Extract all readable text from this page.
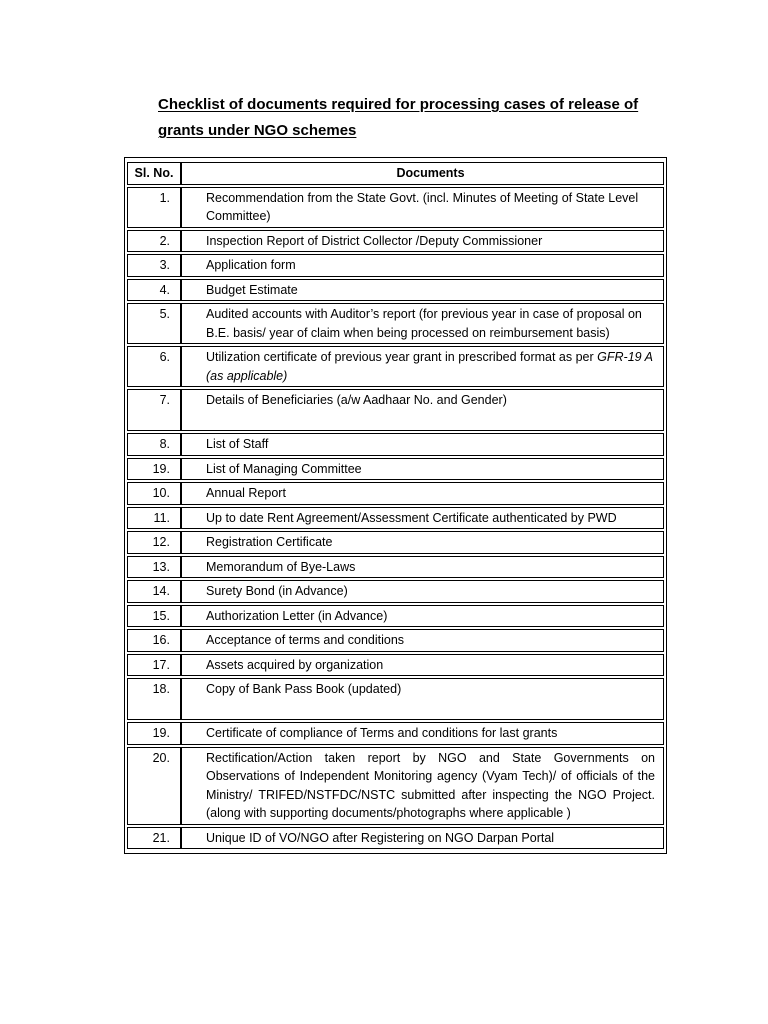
Checklist of documents required for processing cases of release of
grants under NGO schemes
Sl. No.	Documents
1.	Recommendation from the State Govt. (incl. Minutes of Meeting of State Level Committee)
2.	Inspection Report of District Collector /Deputy Commissioner
3.	Application form
4.	Budget Estimate
5.	Audited accounts with Auditor’s report (for previous year in case of proposal on B.E. basis/ year of claim when being processed on reimbursement basis)
6.	Utilization certificate of previous year grant in prescribed format as per GFR-19 A (as applicable)
7.	Details of Beneficiaries (a/w Aadhaar No. and Gender)
8.	List of Staff
19.	List of Managing Committee
10.	Annual Report
11.	Up to date Rent Agreement/Assessment Certificate authenticated by PWD
12.	Registration Certificate
13.	Memorandum of Bye-Laws
14.	Surety Bond (in Advance)
15.	Authorization Letter (in Advance)
16.	Acceptance of terms and conditions
17.	Assets acquired by organization
18.	Copy of Bank Pass Book (updated)
19.	Certificate of compliance of Terms and conditions for last grants
20.	Rectification/Action taken report by NGO and State Governments on Observations of Independent Monitoring agency (Vyam Tech)/ of officials of the Ministry/ TRIFED/NSTFDC/NSTC submitted after inspecting the NGO Project. (along with supporting documents/photographs where applicable )
21.	Unique ID of VO/NGO after Registering on NGO Darpan Portal
